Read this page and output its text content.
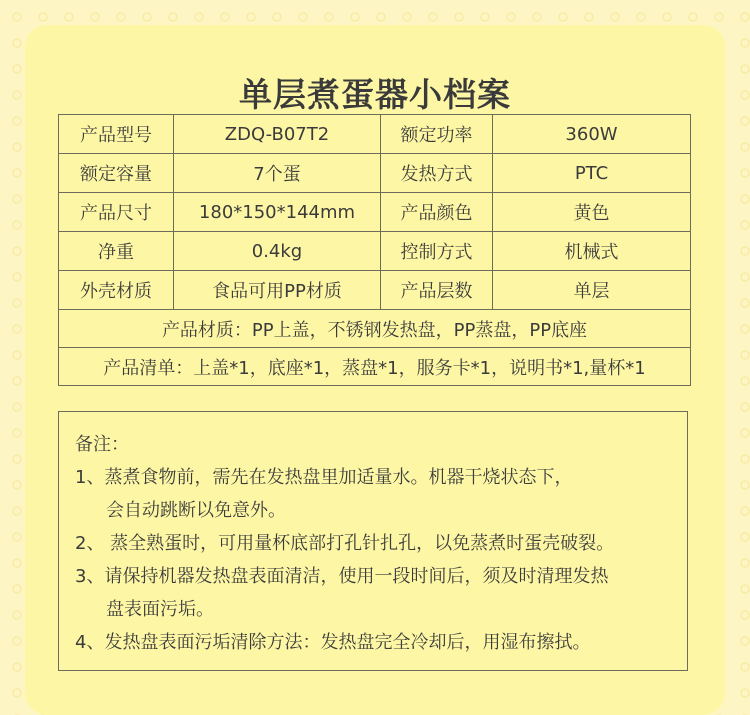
单层煮蛋器小档案
产品型号	ZDQ-B07T2	额定功率	360W
额定容量	7个蛋	发热方式	PTC
产品尺寸	180*150*144mm	产品颜色	黄色
净重	0.4kg	控制方式	机械式
外壳材质	食品可用PP材质	产品层数	单层
产品材质：PP上盖，不锈钢发热盘，PP蒸盘，PP底座			
产品清单：上盖*1，底座*1，蒸盘*1，服务卡*1，说明书*1,量杯*1			
备注：
1、蒸煮食物前，需先在发热盘里加适量水。机器干烧状态下，
会自动跳断以免意外。
2、 蒸全熟蛋时，可用量杯底部打孔针扎孔，以免蒸煮时蛋壳破裂。
3、请保持机器发热盘表面清洁，使用一段时间后，须及时清理发热
盘表面污垢。
4、发热盘表面污垢清除方法：发热盘完全冷却后，用湿布擦拭。
